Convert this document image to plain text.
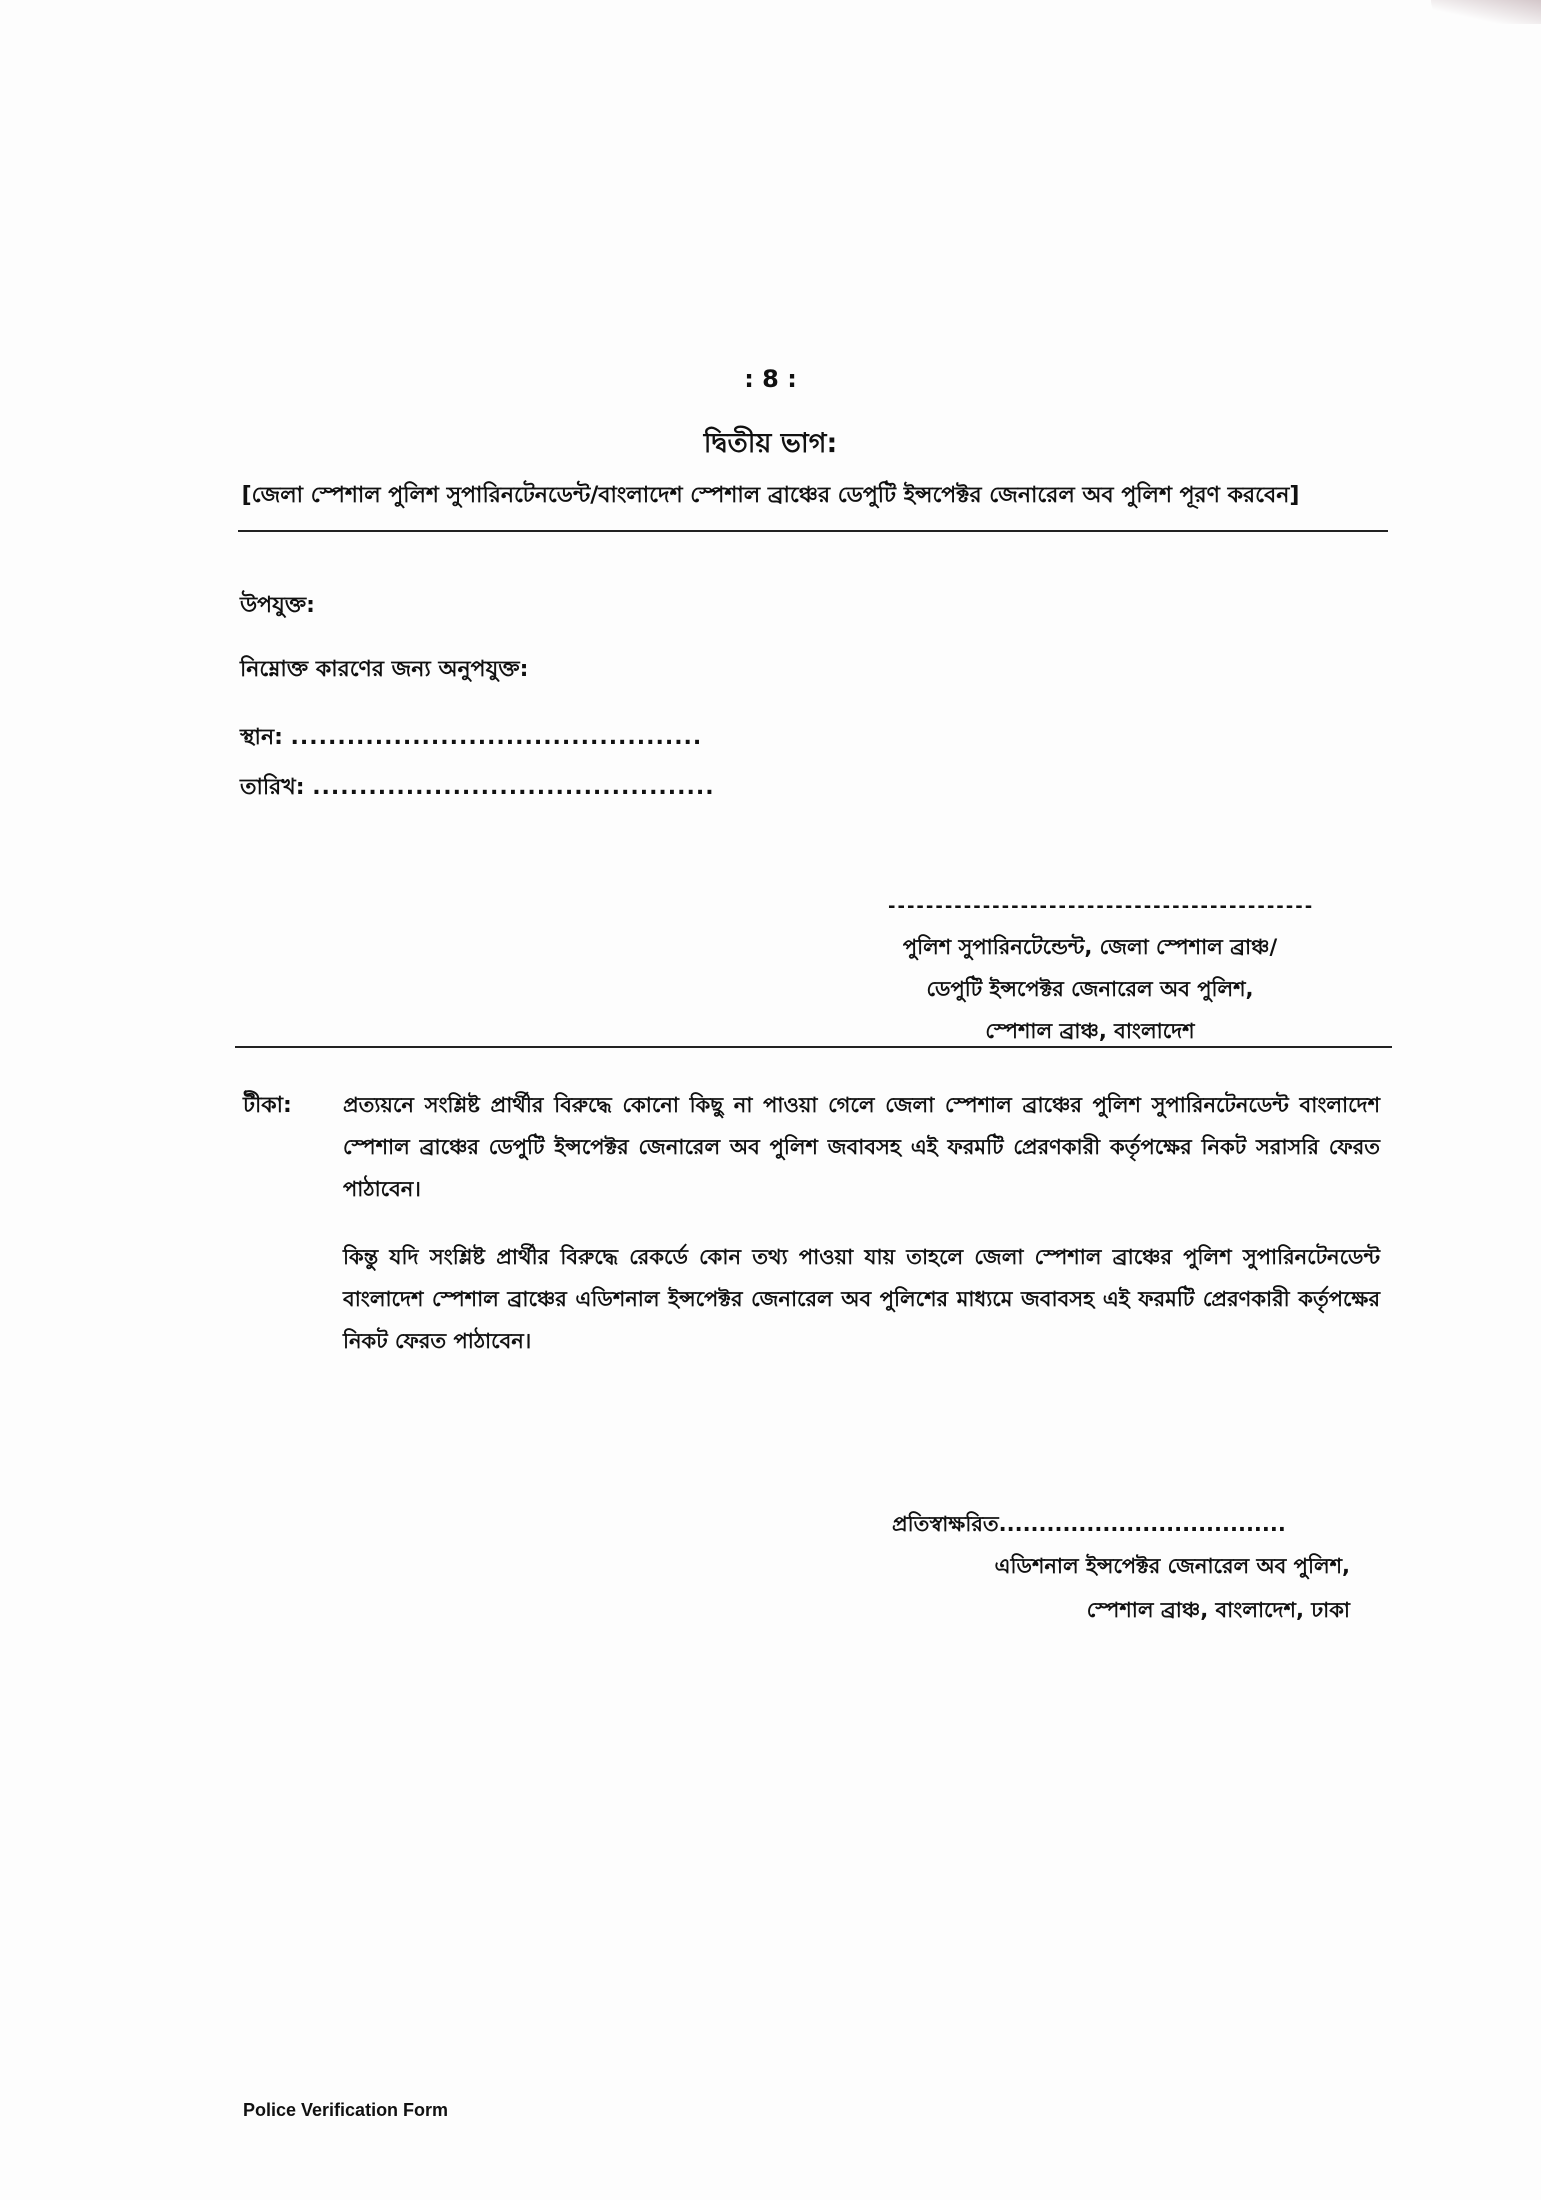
: 8 :
দ্বিতীয় ভাগ:
[জেলা স্পেশাল পুলিশ সুপারিনটেনডেন্ট/বাংলাদেশ স্পেশাল ব্রাঞ্চের ডেপুটি ইন্সপেক্টর জেনারেল অব পুলিশ পূরণ করবেন]
উপযুক্ত:
নিম্নোক্ত কারণের জন্য অনুপযুক্ত:
স্থান: ............................................
তারিখ: ...........................................
---------------------------------------------
পুলিশ সুপারিনটেন্ডেন্ট, জেলা স্পেশাল ব্রাঞ্চ/
ডেপুটি ইন্সপেক্টর জেনারেল অব পুলিশ,
স্পেশাল ব্রাঞ্চ, বাংলাদেশ
টীকা: প্রত্যয়নে সংশ্লিষ্ট প্রার্থীর বিরুদ্ধে কোনো কিছু না পাওয়া গেলে জেলা স্পেশাল ব্রাঞ্চের পুলিশ সুপারিনটেনডেন্ট বাংলাদেশ স্পেশাল ব্রাঞ্চের ডেপুটি ইন্সপেক্টর জেনারেল অব পুলিশ জবাবসহ এই ফরমটি প্রেরণকারী কর্তৃপক্ষের নিকট সরাসরি ফেরত পাঠাবেন।
কিন্তু যদি সংশ্লিষ্ট প্রার্থীর বিরুদ্ধে রেকর্ডে কোন তথ্য পাওয়া যায় তাহলে জেলা স্পেশাল ব্রাঞ্চের পুলিশ সুপারিনটেনডেন্ট বাংলাদেশ স্পেশাল ব্রাঞ্চের এডিশনাল ইন্সপেক্টর জেনারেল অব পুলিশের মাধ্যমে জবাবসহ এই ফরমটি প্রেরণকারী কর্তৃপক্ষের নিকট ফেরত পাঠাবেন।
প্রতিস্বাক্ষরিত....................................
এডিশনাল ইন্সপেক্টর জেনারেল অব পুলিশ,
স্পেশাল ব্রাঞ্চ, বাংলাদেশ, ঢাকা
Police Verification Form
